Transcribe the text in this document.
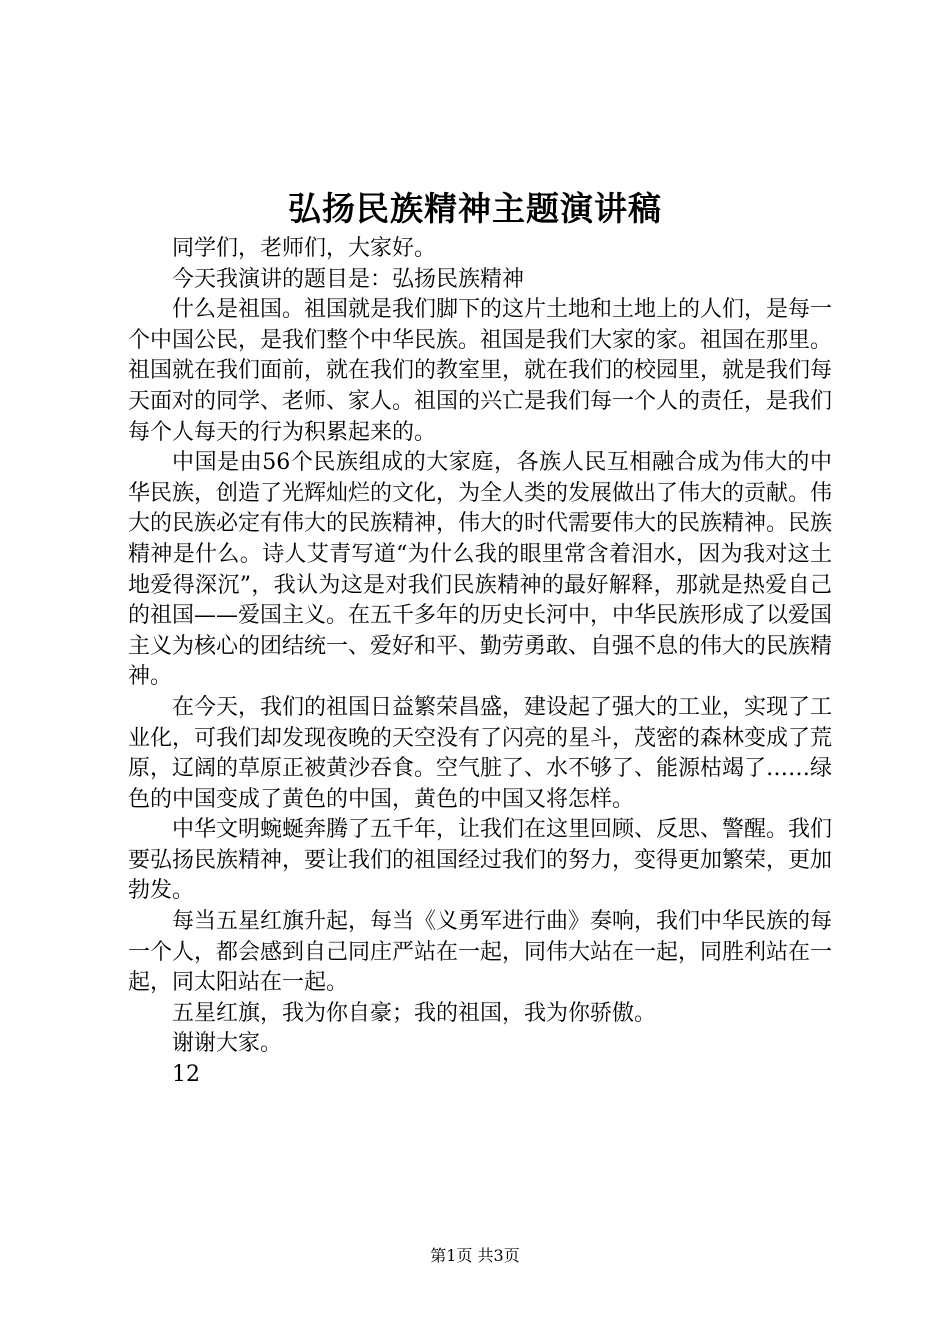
弘扬民族精神主题演讲稿

同学们，老师们，大家好。

今天我演讲的题目是：弘扬民族精神

什么是祖国。祖国就是我们脚下的这片土地和土地上的人们，是每一个中国公民，是我们整个中华民族。祖国是我们大家的家。祖国在那里。祖国就在我们面前，就在我们的教室里，就在我们的校园里，就是我们每天面对的同学、老师、家人。祖国的兴亡是我们每一个人的责任，是我们每个人每天的行为积累起来的。

中国是由56个民族组成的大家庭，各族人民互相融合成为伟大的中华民族，创造了光辉灿烂的文化，为全人类的发展做出了伟大的贡献。伟大的民族必定有伟大的民族精神，伟大的时代需要伟大的民族精神。民族精神是什么。诗人艾青写道“为什么我的眼里常含着泪水，因为我对这土地爱得深沉”，我认为这是对我们民族精神的最好解释，那就是热爱自己的祖国——爱国主义。在五千多年的历史长河中，中华民族形成了以爱国主义为核心的团结统一、爱好和平、勤劳勇敢、自强不息的伟大的民族精神。

在今天，我们的祖国日益繁荣昌盛，建设起了强大的工业，实现了工业化，可我们却发现夜晚的天空没有了闪亮的星斗，茂密的森林变成了荒原，辽阔的草原正被黄沙吞食。空气脏了、水不够了、能源枯竭了……绿色的中国变成了黄色的中国，黄色的中国又将怎样。

中华文明蜿蜒奔腾了五千年，让我们在这里回顾、反思、警醒。我们要弘扬民族精神，要让我们的祖国经过我们的努力，变得更加繁荣，更加勃发。

每当五星红旗升起，每当《义勇军进行曲》奏响，我们中华民族的每一个人，都会感到自己同庄严站在一起，同伟大站在一起，同胜利站在一起，同太阳站在一起。

五星红旗，我为你自豪；我的祖国，我为你骄傲。

谢谢大家。

12

第1页 共3页
